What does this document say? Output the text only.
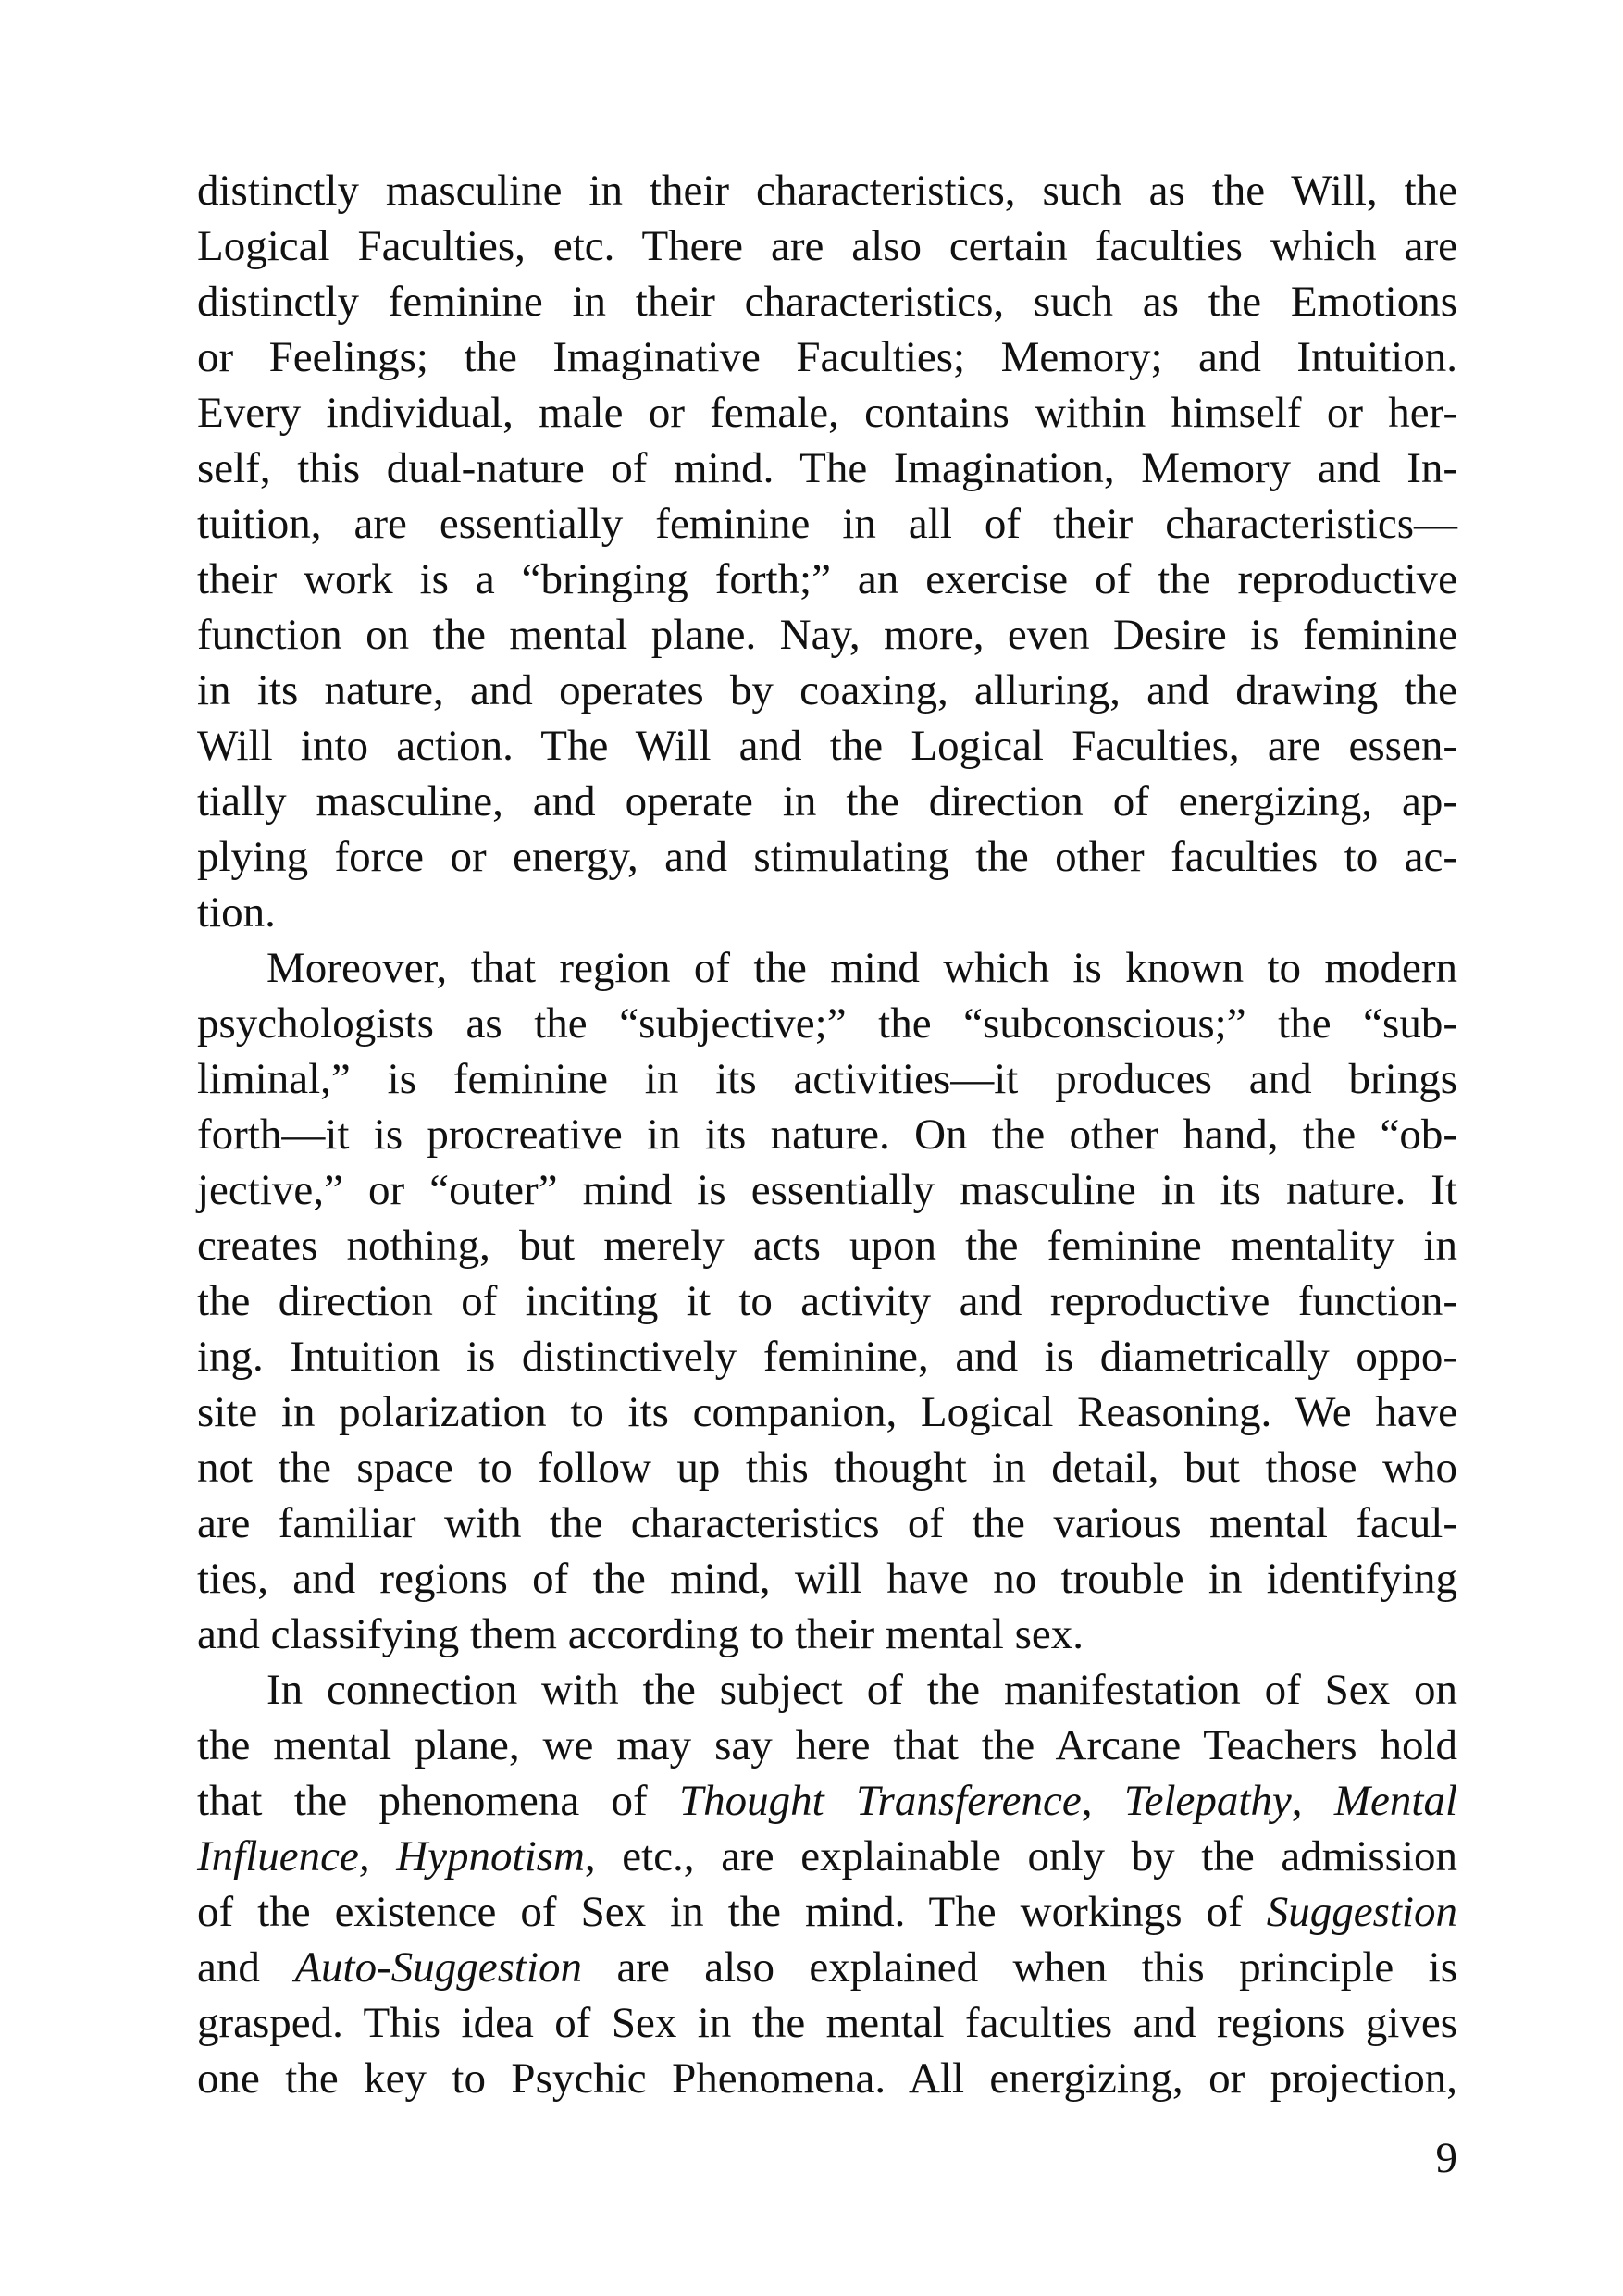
distinctly masculine in their characteristics, such as the Will, the
Logical Faculties, etc. There are also certain faculties which are
distinctly feminine in their characteristics, such as the Emotions
or Feelings; the Imaginative Faculties; Memory; and Intuition.
Every individual, male or female, contains within himself or her-
self, this dual-nature of mind. The Imagination, Memory and In-
tuition, are essentially feminine in all of their characteristics—
their work is a “bringing forth;” an exercise of the reproductive
function on the mental plane. Nay, more, even Desire is feminine
in its nature, and operates by coaxing, alluring, and drawing the
Will into action. The Will and the Logical Faculties, are essen-
tially masculine, and operate in the direction of energizing, ap-
plying force or energy, and stimulating the other faculties to ac-
tion.
Moreover, that region of the mind which is known to modern
psychologists as the “subjective;” the “subconscious;” the “sub-
liminal,” is feminine in its activities—it produces and brings
forth—it is procreative in its nature. On the other hand, the “ob-
jective,” or “outer” mind is essentially masculine in its nature. It
creates nothing, but merely acts upon the feminine mentality in
the direction of inciting it to activity and reproductive function-
ing. Intuition is distinctively feminine, and is diametrically oppo-
site in polarization to its companion, Logical Reasoning. We have
not the space to follow up this thought in detail, but those who
are familiar with the characteristics of the various mental facul-
ties, and regions of the mind, will have no trouble in identifying
and classifying them according to their mental sex.
In connection with the subject of the manifestation of Sex on
the mental plane, we may say here that the Arcane Teachers hold
that the phenomena of Thought Transference, Telepathy, Mental
Influence, Hypnotism, etc., are explainable only by the admission
of the existence of Sex in the mind. The workings of Suggestion
and Auto-Suggestion are also explained when this principle is
grasped. This idea of Sex in the mental faculties and regions gives
one the key to Psychic Phenomena. All energizing, or projection,
9
